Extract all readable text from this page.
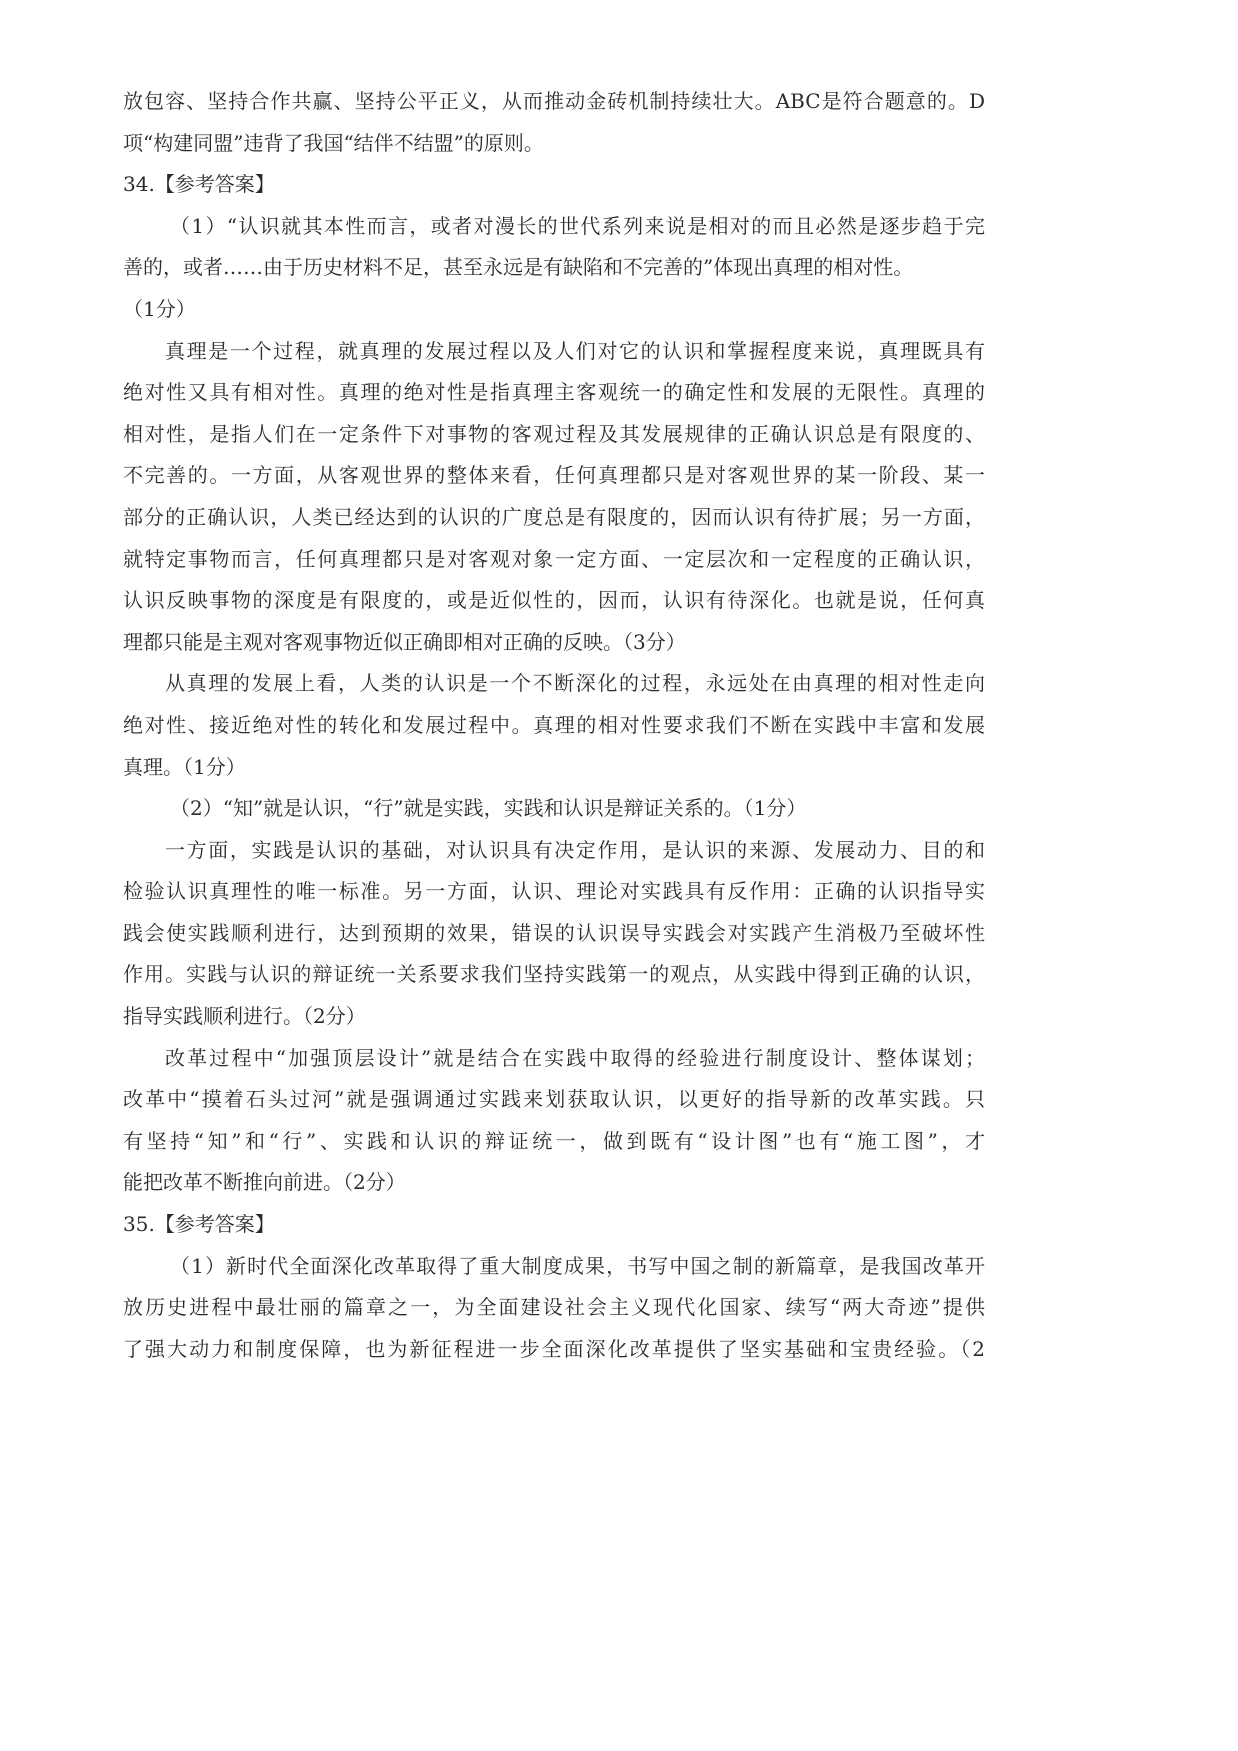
放包容、坚持合作共赢、坚持公平正义，从而推动金砖机制持续壮大。ABC是符合题意的。D
项“构建同盟”违背了我国“结伴不结盟”的原则。
34.【参考答案】
（1）“认识就其本性而言，或者对漫长的世代系列来说是相对的而且必然是逐步趋于完
善的，或者……由于历史材料不足，甚至永远是有缺陷和不完善的”体现出真理的相对性。
（1分）
真理是一个过程，就真理的发展过程以及人们对它的认识和掌握程度来说，真理既具有
绝对性又具有相对性。真理的绝对性是指真理主客观统一的确定性和发展的无限性。真理的
相对性，是指人们在一定条件下对事物的客观过程及其发展规律的正确认识总是有限度的、
不完善的。一方面，从客观世界的整体来看，任何真理都只是对客观世界的某一阶段、某一
部分的正确认识，人类已经达到的认识的广度总是有限度的，因而认识有待扩展；另一方面，
就特定事物而言，任何真理都只是对客观对象一定方面、一定层次和一定程度的正确认识，
认识反映事物的深度是有限度的，或是近似性的，因而，认识有待深化。也就是说，任何真
理都只能是主观对客观事物近似正确即相对正确的反映。（3分）
从真理的发展上看，人类的认识是一个不断深化的过程，永远处在由真理的相对性走向
绝对性、接近绝对性的转化和发展过程中。真理的相对性要求我们不断在实践中丰富和发展
真理。（1分）
（2）“知”就是认识，“行”就是实践，实践和认识是辩证关系的。（1分）
一方面，实践是认识的基础，对认识具有决定作用，是认识的来源、发展动力、目的和
检验认识真理性的唯一标准。另一方面，认识、理论对实践具有反作用：正确的认识指导实
践会使实践顺利进行，达到预期的效果，错误的认识误导实践会对实践产生消极乃至破坏性
作用。实践与认识的辩证统一关系要求我们坚持实践第一的观点，从实践中得到正确的认识，
指导实践顺利进行。（2分）
改革过程中“加强顶层设计”就是结合在实践中取得的经验进行制度设计、整体谋划；
改革中“摸着石头过河”就是强调通过实践来划获取认识，以更好的指导新的改革实践。只
有坚持“知”和“行”、实践和认识的辩证统一，做到既有“设计图”也有“施工图”，才
能把改革不断推向前进。（2分）
35.【参考答案】
（1）新时代全面深化改革取得了重大制度成果，书写中国之制的新篇章，是我国改革开
放历史进程中最壮丽的篇章之一，为全面建设社会主义现代化国家、续写“两大奇迹”提供
了强大动力和制度保障，也为新征程进一步全面深化改革提供了坚实基础和宝贵经验。（2
